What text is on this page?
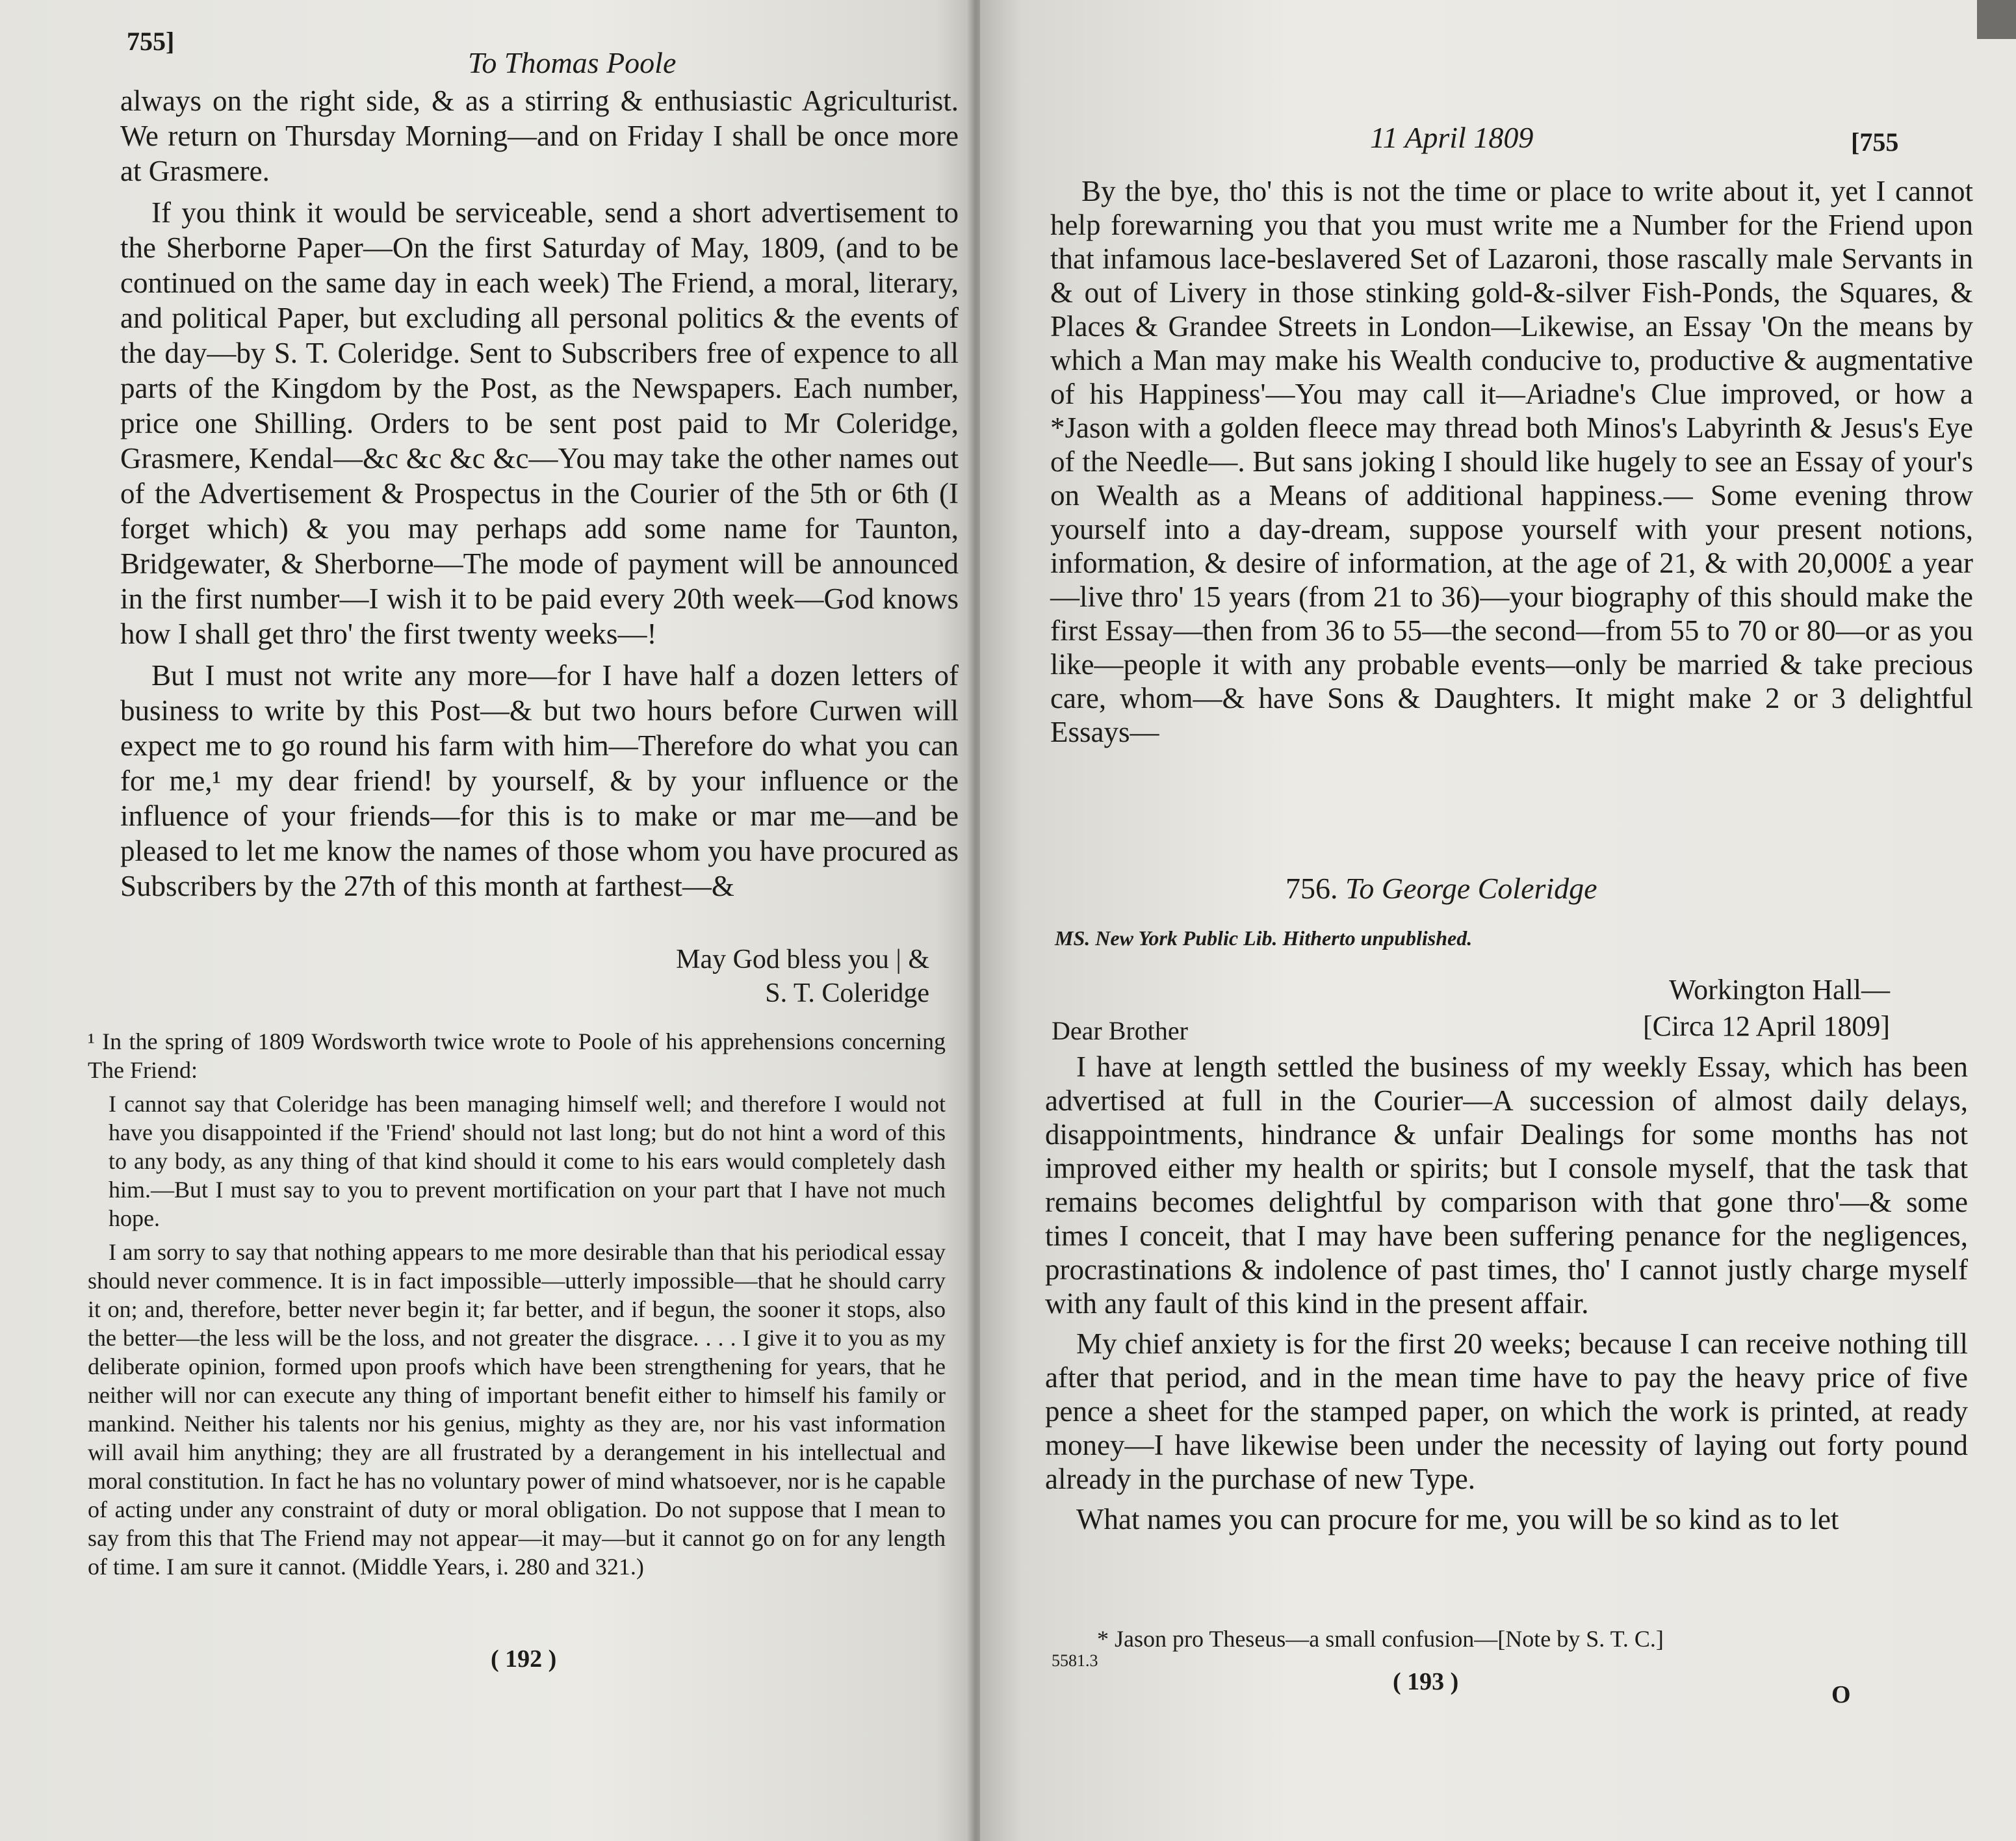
755]
To Thomas Poole

always on the right side, & as a stirring & enthusiastic Agriculturist. We return on Thursday Morning—and on Friday I shall be once more at Grasmere.

If you think it would be serviceable, send a short advertisement to the Sherborne Paper—On the first Saturday of May, 1809, (and to be continued on the same day in each week) The Friend, a moral, literary, and political Paper, but excluding all personal politics & the events of the day—by S. T. Coleridge. Sent to Subscribers free of expence to all parts of the Kingdom by the Post, as the Newspapers. Each number, price one Shilling. Orders to be sent post paid to Mr Coleridge, Grasmere, Kendal—&c &c &c &c—You may take the other names out of the Advertisement & Prospectus in the Courier of the 5th or 6th (I forget which) & you may perhaps add some name for Taunton, Bridgewater, & Sherborne—The mode of payment will be announced in the first number—I wish it to be paid every 20th week—God knows how I shall get thro' the first twenty weeks—!

But I must not write any more—for I have half a dozen letters of business to write by this Post—& but two hours before Curwen will expect me to go round his farm with him—Therefore do what you can for me,¹ my dear friend! by yourself, & by your influence or the influence of your friends—for this is to make or mar me—and be pleased to let me know the names of those whom you have procured as Subscribers by the 27th of this month at farthest—&

May God bless you | &
S. T. Coleridge

¹ In the spring of 1809 Wordsworth twice wrote to Poole of his apprehensions concerning The Friend:

I cannot say that Coleridge has been managing himself well; and therefore I would not have you disappointed if the 'Friend' should not last long; but do not hint a word of this to any body, as any thing of that kind should it come to his ears would completely dash him.—But I must say to you to prevent mortification on your part that I have not much hope.

I am sorry to say that nothing appears to me more desirable than that his periodical essay should never commence. It is in fact impossible—utterly impossible—that he should carry it on; and, therefore, better never begin it; far better, and if begun, the sooner it stops, also the better—the less will be the loss, and not greater the disgrace. . . . I give it to you as my deliberate opinion, formed upon proofs which have been strengthening for years, that he neither will nor can execute any thing of important benefit either to himself his family or mankind. Neither his talents nor his genius, mighty as they are, nor his vast information will avail him anything; they are all frustrated by a derangement in his intellectual and moral constitution. In fact he has no voluntary power of mind whatsoever, nor is he capable of acting under any constraint of duty or moral obligation. Do not suppose that I mean to say from this that The Friend may not appear—it may—but it cannot go on for any length of time. I am sure it cannot. (Middle Years, i. 280 and 321.)

( 192 )
11 April 1809	[755

By the bye, tho' this is not the time or place to write about it, yet I cannot help forewarning you that you must write me a Number for the Friend upon that infamous lace-beslavered Set of Lazaroni, those rascally male Servants in & out of Livery in those stinking gold-&-silver Fish-Ponds, the Squares, & Places & Grandee Streets in London—Likewise, an Essay 'On the means by which a Man may make his Wealth conducive to, productive & augmentative of his Happiness'—You may call it—Ariadne's Clue improved, or how a *Jason with a golden fleece may thread both Minos's Labyrinth & Jesus's Eye of the Needle—. But sans joking I should like hugely to see an Essay of your's on Wealth as a Means of additional happiness.— Some evening throw yourself into a day-dream, suppose yourself with your present notions, information, & desire of information, at the age of 21, & with 20,000£ a year—live thro' 15 years (from 21 to 36)—your biography of this should make the first Essay—then from 36 to 55—the second—from 55 to 70 or 80—or as you like—people it with any probable events—only be married & take precious care, whom—& have Sons & Daughters. It might make 2 or 3 delightful Essays—

756. To George Coleridge
MS. New York Public Lib. Hitherto unpublished.
Workington Hall—
[Circa 12 April 1809]
Dear Brother

I have at length settled the business of my weekly Essay, which has been advertised at full in the Courier—A succession of almost daily delays, disappointments, hindrance & unfair Dealings for some months has not improved either my health or spirits; but I console myself, that the task that remains becomes delightful by comparison with that gone thro'—& some times I conceit, that I may have been suffering penance for the negligences, procrastinations & indolence of past times, tho' I cannot justly charge myself with any fault of this kind in the present affair.

My chief anxiety is for the first 20 weeks; because I can receive nothing till after that period, and in the mean time have to pay the heavy price of five pence a sheet for the stamped paper, on which the work is printed, at ready money—I have likewise been under the necessity of laying out forty pound already in the purchase of new Type.

What names you can procure for me, you will be so kind as to let

* Jason pro Theseus—a small confusion—[Note by S. T. C.]
5581.3
( 193 )	O
